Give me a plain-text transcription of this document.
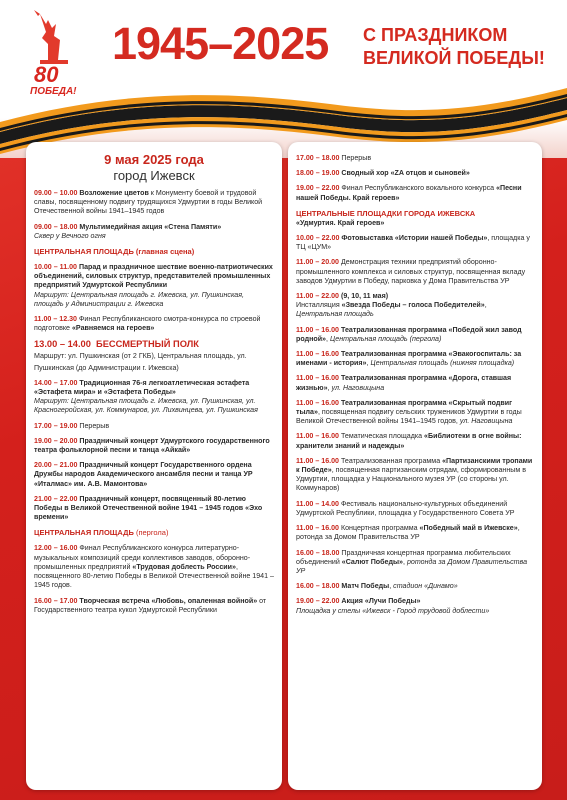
80
ПОБЕДА!
1945–2025 С ПРАЗДНИКОМ
ВЕЛИКОЙ ПОБЕДЫ!
9 мая 2025 года
город Ижевск
09.00 – 10.00 Возложение цветов к Монументу боевой и трудовой славы, посвященному подвигу трудящихся Удмуртии в годы Великой Отечественной войны 1941–1945 годов
09.00 – 18.00 Мультимедийная акция «Стена Памяти»
Сквер у Вечного огня
ЦЕНТРАЛЬНАЯ ПЛОЩАДЬ (главная сцена)
10.00 – 11.00 Парад и праздничное шествие военно-патриотических объединений, силовых структур, представителей промышленных предприятий Удмуртской Республики
Маршрут: Центральная площадь г. Ижевска, ул. Пушкинская, площадь у Администрации г. Ижевска
11.00 – 12.30 Финал Республиканского смотра-конкурса по строевой подготовке «Равняемся на героев»
13.00 – 14.00 БЕССМЕРТНЫЙ ПОЛК
Маршрут: ул. Пушкинская (от 2 ГКБ), Центральная площадь, ул. Пушкинская (до Администрации г. Ижевска)
14.00 – 17.00 Традиционная 76-я легкоатлетическая эстафета «Эстафета мира» и «Эстафета Победы»
Маршрут: Центральная площадь г. Ижевска, ул. Пушкинская, ул. Красногеройская, ул. Коммунаров, ул. Лихвинцева, ул. Пушкинская
17.00 – 19.00 Перерыв
19.00 – 20.00 Праздничный концерт Удмуртского государственного театра фольклорной песни и танца «Айкай»
20.00 – 21.00 Праздничный концерт Государственного ордена Дружбы народов Академического ансамбля песни и танца УР «Италмас» им. А.В. Мамонтова»
21.00 – 22.00 Праздничный концерт, посвященный 80-летию Победы в Великой Отечественной войне 1941 – 1945 годов «Эхо времени»
ЦЕНТРАЛЬНАЯ ПЛОЩАДЬ (пергола)
12.00 – 16.00 Финал Республиканского конкурса литературно-музыкальных композиций среди коллективов заводов, оборонно-промышленных предприятий «Трудовая доблесть России», посвященного 80-летию Победы в Великой Отечественной войне 1941 – 1945 годов.
16.00 – 17.00 Творческая встреча «Любовь, опаленная войной» от Государственного театра кукол Удмуртской Республики
17.00 – 18.00 Перерыв
18.00 – 19.00 Сводный хор «ZA отцов и сыновей»
19.00 – 22.00 Финал Республиканского вокального конкурса «Песни нашей Победы. Край героев»
ЦЕНТРАЛЬНЫЕ ПЛОЩАДКИ ГОРОДА ИЖЕВСКА
«Удмуртия. Край героев»
10.00 – 22.00 Фотовыставка «Истории нашей Победы», площадка у ТЦ «ЦУМ»
11.00 – 20.00 Демонстрация техники предприятий оборонно-промышленного комплекса и силовых структур, посвященная вкладу заводов Удмуртии в Победу, парковка у Дома Правительства УР
11.00 – 22.00 (9, 10, 11 мая)
Инсталляция «Звезда Победы – голоса Победителей», Центральная площадь
11.00 – 16.00 Театрализованная программа «Победой жил завод родной», Центральная площадь (пергола)
11.00 – 16.00 Театрализованная программа «Эвакогоспиталь: за именами - история», Центральная площадь (нижняя площадка)
11.00 – 16.00 Театрализованная программа «Дорога, ставшая жизнью», ул. Наговицына
11.00 – 16.00 Театрализованная программа «Скрытый подвиг тыла», посвященная подвигу сельских тружеников Удмуртии в годы Великой Отечественной войны 1941–1945 годов, ул. Наговицына
11.00 – 16.00 Тематическая площадка «Библиотеки в огне войны: хранители знаний и надежды»
11.00 – 16.00 Театрализованная программа «Партизанскими тропами к Победе», посвященная партизанским отрядам, сформированным в Удмуртии, площадка у Национального музея УР (со стороны ул. Коммунаров)
11.00 – 14.00 Фестиваль национально-культурных объединений Удмуртской Республики, площадка у Государственного Совета УР
11.00 – 16.00 Концертная программа «Победный май в Ижевске», ротонда за Домом Правительства УР
16.00 – 18.00 Праздничная концертная программа любительских объединений «Салют Победы», ротонда за Домом Правительства УР
16.00 – 18.00 Матч Победы, стадион «Динамо»
19.00 – 22.00 Акция «Лучи Победы»
Площадка у стелы «Ижевск - Город трудовой доблести»
